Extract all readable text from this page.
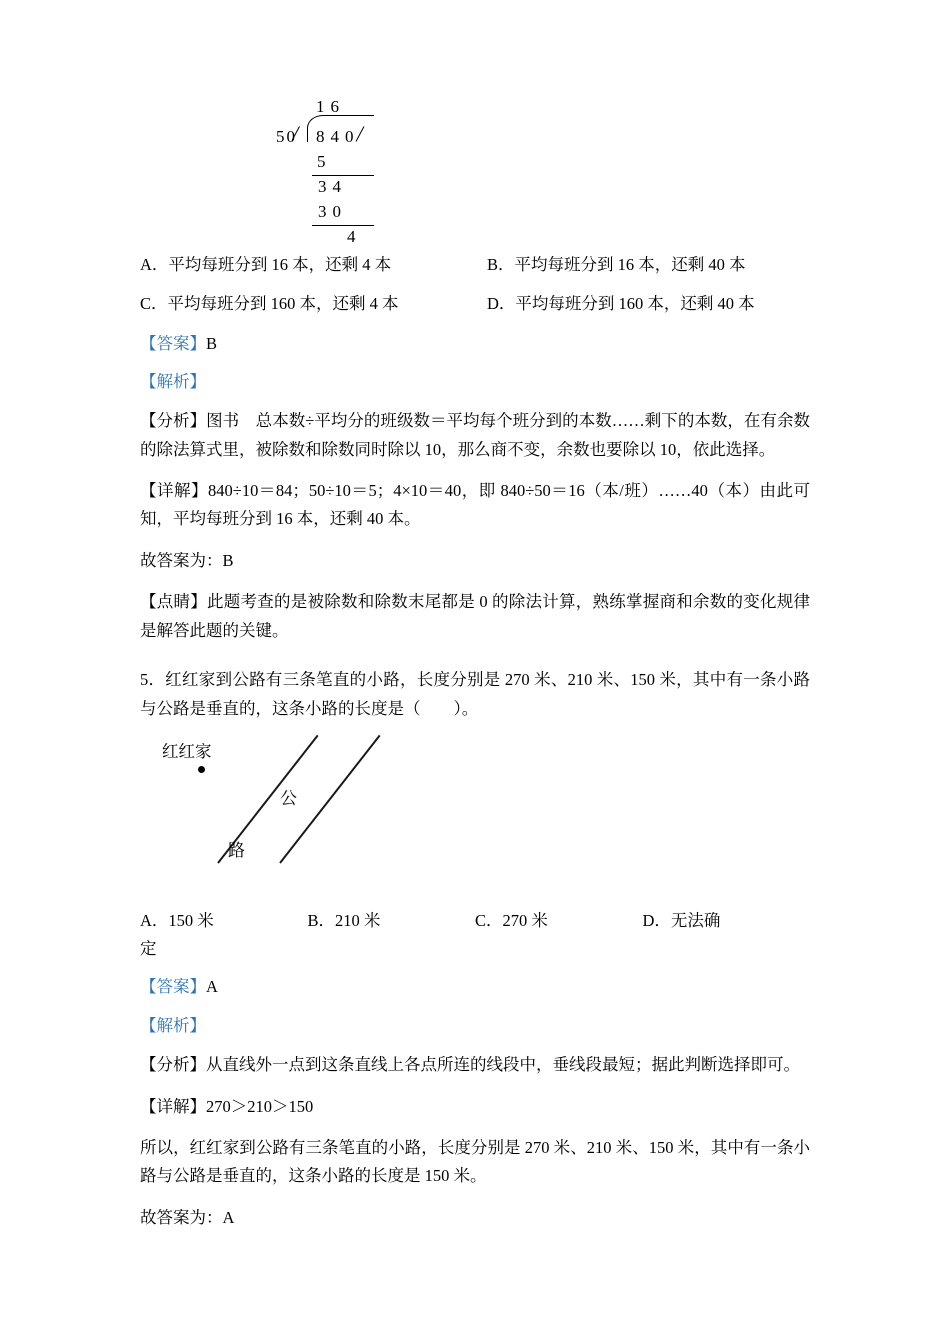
16
50 840
5
34
30
4
A．平均每班分到 16 本，还剩 4 本	B．平均每班分到 16 本，还剩 40 本
C．平均每班分到 160 本，还剩 4 本	D．平均每班分到 160 本，还剩 40 本

【答案】B

【解析】

【分析】图书　总本数÷平均分的班级数＝平均每个班分到的本数……剩下的本数，在有余数的除法算式里，被除数和除数同时除以 10，那么商不变，余数也要除以 10，依此选择。

【详解】840÷10＝84；50÷10＝5；4×10＝40，即 840÷50＝16（本/班）……40（本）由此可知，平均每班分到 16 本，还剩 40 本。

故答案为：B

【点睛】此题考查的是被除数和除数末尾都是 0 的除法计算，熟练掌握商和余数的变化规律是解答此题的关键。

5．红红家到公路有三条笔直的小路，长度分别是 270 米、210 米、150 米，其中有一条小路与公路是垂直的，这条小路的长度是（　　）。

红红家
公
路
A．150 米	B．210 米	C．270 米	D．无法确

定

【答案】A

【解析】

【分析】从直线外一点到这条直线上各点所连的线段中，垂线段最短；据此判断选择即可。

【详解】270＞210＞150

所以，红红家到公路有三条笔直的小路，长度分别是 270 米、210 米、150 米，其中有一条小路与公路是垂直的，这条小路的长度是 150 米。

故答案为：A
